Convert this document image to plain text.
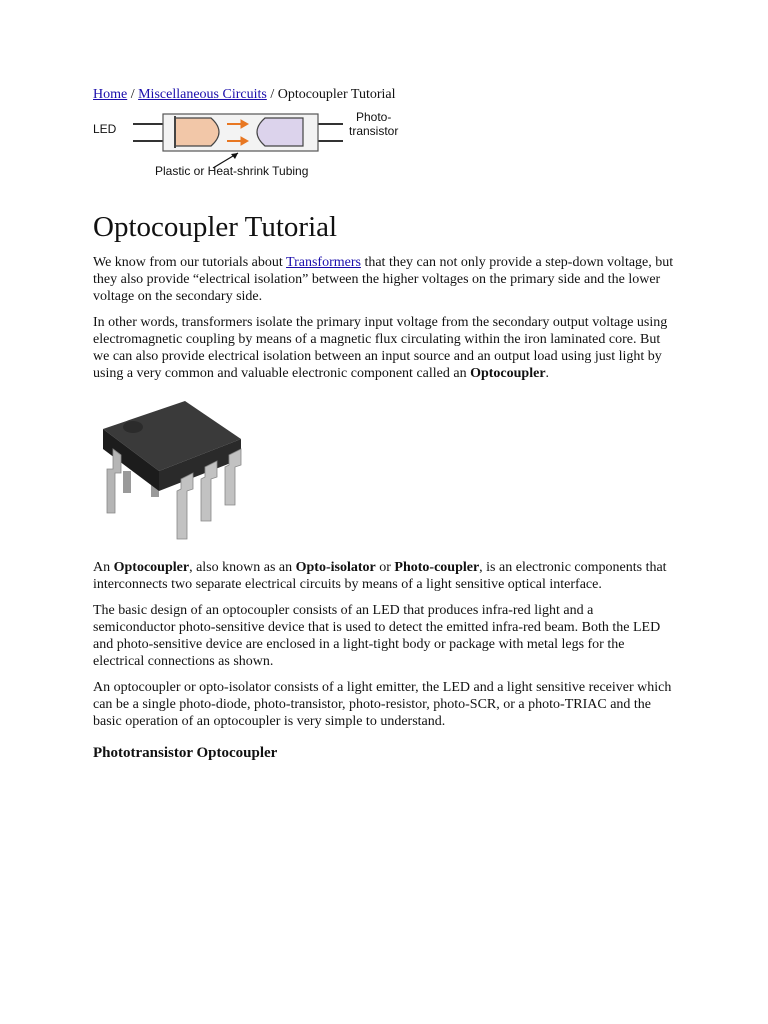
Home / Miscellaneous Circuits / Optocoupler Tutorial
LED
Photo-
transistor
Plastic or Heat-shrink Tubing
Optocoupler Tutorial

We know from our tutorials about Transformers that they can not only provide a step-down voltage, but they also provide “electrical isolation” between the higher voltages on the primary side and the lower voltage on the secondary side.

In other words, transformers isolate the primary input voltage from the secondary output voltage using electromagnetic coupling by means of a magnetic flux circulating within the iron laminated core. But we can also provide electrical isolation between an input source and an output load using just light by using a very common and valuable electronic component called an Optocoupler.

An Optocoupler, also known as an Opto-isolator or Photo-coupler, is an electronic components that interconnects two separate electrical circuits by means of a light sensitive optical interface.

The basic design of an optocoupler consists of an LED that produces infra-red light and a semiconductor photo-sensitive device that is used to detect the emitted infra-red beam. Both the LED and photo-sensitive device are enclosed in a light-tight body or package with metal legs for the electrical connections as shown.

An optocoupler or opto-isolator consists of a light emitter, the LED and a light sensitive receiver which can be a single photo-diode, photo-transistor, photo-resistor, photo-SCR, or a photo-TRIAC and the basic operation of an optocoupler is very simple to understand.

Phototransistor Optocoupler
